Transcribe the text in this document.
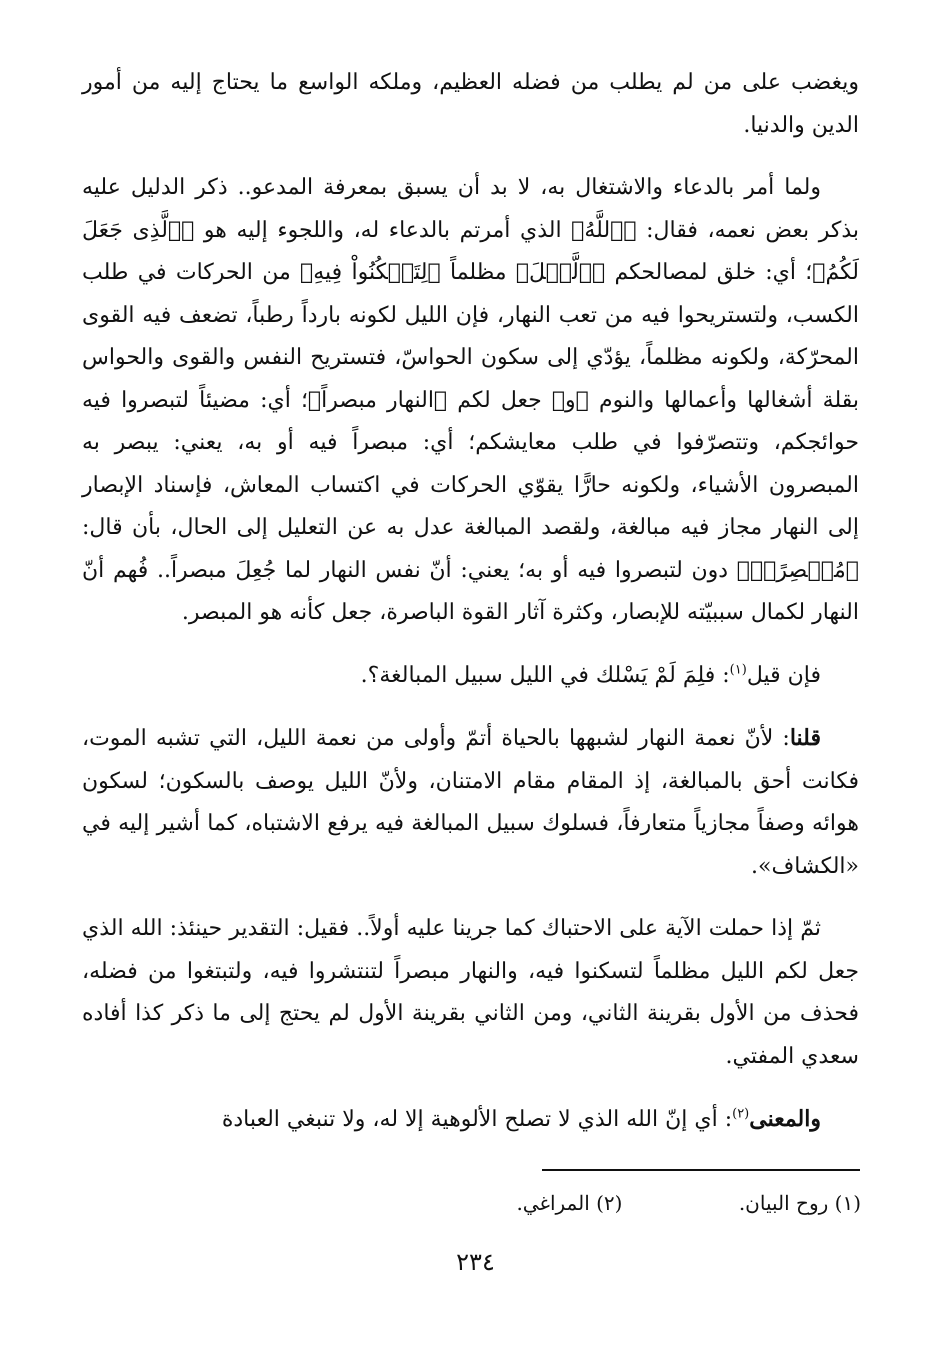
ويغضب على من لم يطلب من فضله العظيم، وملكه الواسع ما يحتاج إليه من أمور الدين والدنيا.

ولما أمر بالدعاء والاشتغال به، لا بد أن يسبق بمعرفة المدعو.. ذكر الدليل عليه بذكر بعض نعمه، فقال: ﴿ٱللَّهُ﴾ الذي أمرتم بالدعاء له، واللجوء إليه هو ﴿ٱلَّذِى جَعَلَ لَكُمُ﴾؛ أي: خلق لمصالحكم ﴿ٱلَّيۡلَ﴾ مظلماً ﴿لِتَسۡكُنُواْ فِيهِ﴾ من الحركات في طلب الكسب، ولتستريحوا فيه من تعب النهار، فإن الليل لكونه بارداً رطباً، تضعف فيه القوى المحرّكة، ولكونه مظلماً، يؤدّي إلى سكون الحواسّ، فتستريح النفس والقوى والحواس بقلة أشغالها وأعمالها والنوم ﴿و﴾ جعل لكم ﴿النهار مبصراً﴾؛ أي: مضيئاً لتبصروا فيه حوائجكم، وتتصرّفوا في طلب معايشكم؛ أي: مبصراً فيه أو به، يعني: يبصر به المبصرون الأشياء، ولكونه حارًّا يقوّي الحركات في اكتساب المعاش، فإسناد الإبصار إلى النهار مجاز فيه مبالغة، ولقصد المبالغة عدل به عن التعليل إلى الحال، بأن قال: ﴿مُبۡصِرًاۚ﴾ دون لتبصروا فيه أو به؛ يعني: أنّ نفس النهار لما جُعِلَ مبصراً.. فُهم أنّ النهار لكمال سببيّته للإبصار، وكثرة آثار القوة الباصرة، جعل كأنه هو المبصر.

فإن قيل$^{(١)}$: فلِمَ لَمْ يَسْلك في الليل سبيل المبالغة؟.

قلنا: لأنّ نعمة النهار لشبهها بالحياة أتمّ وأولى من نعمة الليل، التي تشبه الموت، فكانت أحق بالمبالغة، إذ المقام مقام الامتنان، ولأنّ الليل يوصف بالسكون؛ لسكون هوائه وصفاً مجازياً متعارفاً، فسلوك سبيل المبالغة فيه يرفع الاشتباه، كما أشير إليه في «الكشاف».

ثمّ إذا حملت الآية على الاحتباك كما جرينا عليه أولاً.. فقيل: التقدير حينئذ: الله الذي جعل لكم الليل مظلماً لتسكنوا فيه، والنهار مبصراً لتنتشروا فيه، ولتبتغوا من فضله، فحذف من الأول بقرينة الثاني، ومن الثاني بقرينة الأول لم يحتج إلى ما ذكر كذا أفاده سعدي المفتي.

والمعنى$^{(٢)}$: أي إنّ الله الذي لا تصلح الألوهية إلا له، ولا تنبغي العبادة

(١) روح البيان. (٢) المراغي.
٢٣٤
